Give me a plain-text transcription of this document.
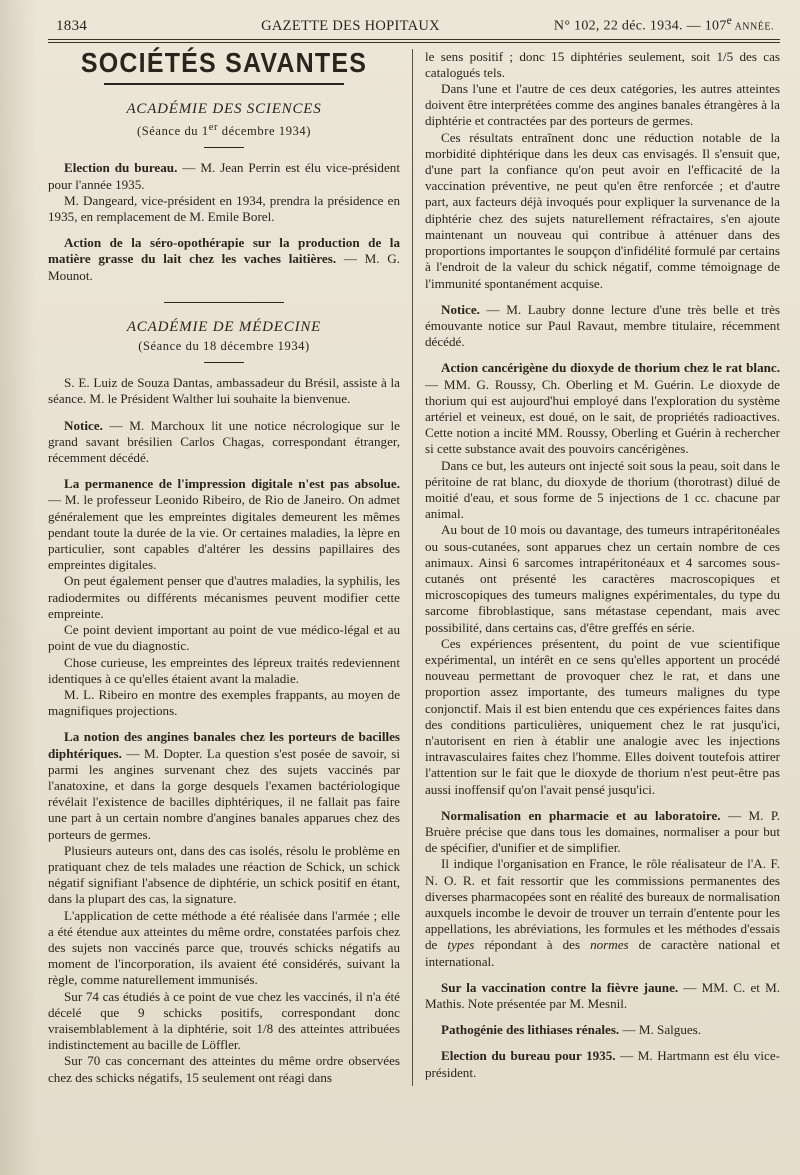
1834	GAZETTE DES HOPITAUX	N° 102, 22 déc. 1934. — 107e ANNÉE.
SOCIÉTÉS SAVANTES
ACADÉMIE DES SCIENCES
(Séance du 1er décembre 1934)

Election du bureau. — M. Jean Perrin est élu vice-président pour l'année 1935.

M. Dangeard, vice-président en 1934, prendra la présidence en 1935, en remplacement de M. Emile Borel.

Action de la séro-opothérapie sur la production de la matière grasse du lait chez les vaches laitières. — M. G. Mounot.

ACADÉMIE DE MÉDECINE
(Séance du 18 décembre 1934)

S. E. Luiz de Souza Dantas, ambassadeur du Brésil, assiste à la séance. M. le Président Walther lui souhaite la bienvenue.

Notice. — M. Marchoux lit une notice nécrologique sur le grand savant brésilien Carlos Chagas, correspondant étranger, récemment décédé.

La permanence de l'impression digitale n'est pas absolue. — M. le professeur Leonido Ribeiro, de Rio de Janeiro. On admet généralement que les empreintes digitales demeurent les mêmes pendant toute la durée de la vie. Or certaines maladies, la lèpre en particulier, sont capables d'altérer les dessins papillaires des empreintes digitales.

On peut également penser que d'autres maladies, la syphilis, les radiodermites ou différents mécanismes peuvent modifier cette empreinte.

Ce point devient important au point de vue médico-légal et au point de vue du diagnostic.

Chose curieuse, les empreintes des lépreux traités redeviennent identiques à ce qu'elles étaient avant la maladie.

M. L. Ribeiro en montre des exemples frappants, au moyen de magnifiques projections.

La notion des angines banales chez les porteurs de bacilles diphtériques. — M. Dopter. La question s'est posée de savoir, si parmi les angines survenant chez des sujets vaccinés par l'anatoxine, et dans la gorge desquels l'examen bactériologique révélait l'existence de bacilles diphtériques, il ne fallait pas faire une part à un certain nombre d'angines banales apparues chez des porteurs de germes.

Plusieurs auteurs ont, dans des cas isolés, résolu le problème en pratiquant chez de tels malades une réaction de Schick, un schick négatif signifiant l'absence de diphtérie, un schick positif en étant, dans la plupart des cas, la signature.

L'application de cette méthode a été réalisée dans l'armée ; elle a été étendue aux atteintes du même ordre, constatées parfois chez des sujets non vaccinés parce que, trouvés schicks négatifs au moment de l'incorporation, ils avaient été considérés, suivant la règle, comme naturellement immunisés.

Sur 74 cas étudiés à ce point de vue chez les vaccinés, il n'a été décelé que 9 schicks positifs, correspondant donc vraisemblablement à la diphtérie, soit 1/8 des atteintes attribuées indistinctement au bacille de Löffler.

Sur 70 cas concernant des atteintes du même ordre observées chez des schicks négatifs, 15 seulement ont réagi dans

le sens positif ; donc 15 diphtéries seulement, soit 1/5 des cas catalogués tels.

Dans l'une et l'autre de ces deux catégories, les autres atteintes doivent être interprétées comme des angines banales étrangères à la diphtérie et contractées par des porteurs de germes.

Ces résultats entraînent donc une réduction notable de la morbidité diphtérique dans les deux cas envisagés. Il s'ensuit que, d'une part la confiance qu'on peut avoir en l'efficacité de la vaccination préventive, ne peut qu'en être renforcée ; et d'autre part, aux facteurs déjà invoqués pour expliquer la survenance de la diphtérie chez des sujets naturellement réfractaires, s'en ajoute maintenant un nouveau qui contribue à atténuer dans des proportions importantes le soupçon d'infidélité formulé par certains à l'endroit de la valeur du schick négatif, comme témoignage de l'immunité spontanément acquise.

Notice. — M. Laubry donne lecture d'une très belle et très émouvante notice sur Paul Ravaut, membre titulaire, récemment décédé.

Action cancérigène du dioxyde de thorium chez le rat blanc. — MM. G. Roussy, Ch. Oberling et M. Guérin. Le dioxyde de thorium qui est aujourd'hui employé dans l'exploration du système artériel et veineux, est doué, on le sait, de propriétés radioactives. Cette notion a incité MM. Roussy, Oberling et Guérin à rechercher si cette substance avait des pouvoirs cancérigènes.

Dans ce but, les auteurs ont injecté soit sous la peau, soit dans le péritoine de rat blanc, du dioxyde de thorium (thorotrast) dilué de moitié d'eau, et sous forme de 5 injections de 1 cc. chacune par animal.

Au bout de 10 mois ou davantage, des tumeurs intrapéritonéales ou sous-cutanées, sont apparues chez un certain nombre de ces animaux. Ainsi 6 sarcomes intrapéritonéaux et 4 sarcomes sous-cutanés ont présenté les caractères macroscopiques et microscopiques des tumeurs malignes expérimentales, du type du sarcome fibroblastique, sans métastase cependant, mais avec possibilité, dans certains cas, d'être greffés en série.

Ces expériences présentent, du point de vue scientifique expérimental, un intérêt en ce sens qu'elles apportent un procédé nouveau permettant de provoquer chez le rat, et dans une proportion assez importante, des tumeurs malignes du type conjonctif. Mais il est bien entendu que ces expériences faites dans des conditions particulières, uniquement chez le rat jusqu'ici, n'autorisent en rien à établir une analogie avec les injections intravasculaires faites chez l'homme. Elles doivent toutefois attirer l'attention sur le fait que le dioxyde de thorium n'est peut-être pas aussi inoffensif qu'on l'avait pensé jusqu'ici.

Normalisation en pharmacie et au laboratoire. — M. P. Bruère précise que dans tous les domaines, normaliser a pour but de spécifier, d'unifier et de simplifier.

Il indique l'organisation en France, le rôle réalisateur de l'A. F. N. O. R. et fait ressortir que les commissions permanentes des diverses pharmacopées sont en réalité des bureaux de normalisation auxquels incombe le devoir de trouver un terrain d'entente pour les appellations, les abréviations, les formules et les méthodes d'essais de types répondant à des normes de caractère national et international.

Sur la vaccination contre la fièvre jaune. — MM. C. et M. Mathis. Note présentée par M. Mesnil.

Pathogénie des lithiases rénales. — M. Salgues.

Election du bureau pour 1935. — M. Hartmann est élu vice-président.
